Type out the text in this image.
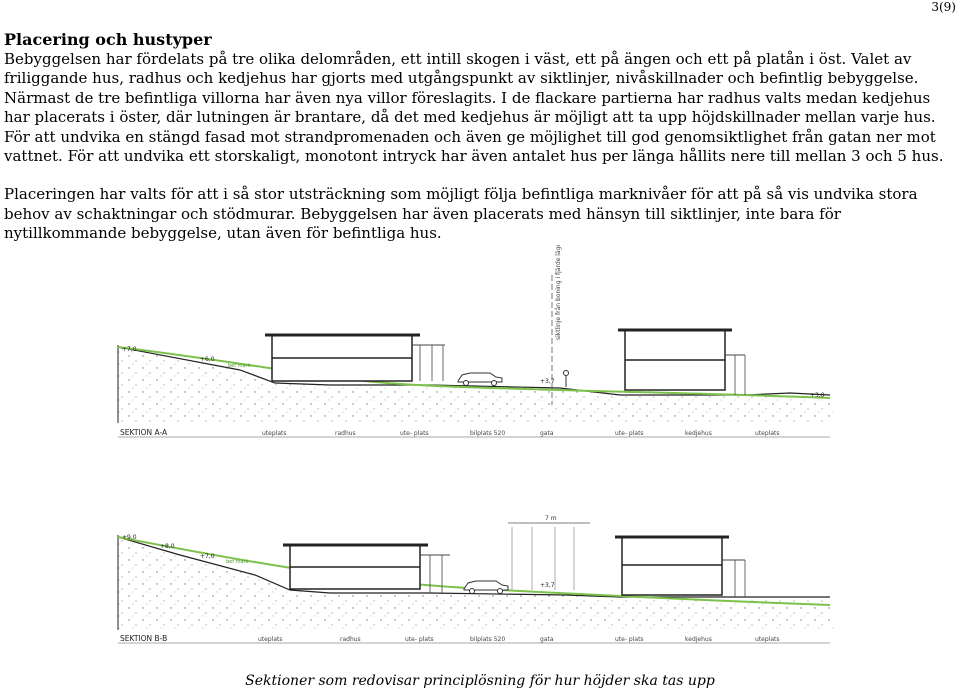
3(9)
Placering och hustyper

Bebyggelsen har fördelats på tre olika delområden, ett intill skogen i väst, ett på ängen och ett på platån i öst. Valet av friliggande hus, radhus och kedjehus har gjorts med utgångspunkt av siktlinjer, nivåskillnader och befintlig bebyggelse. Närmast de tre befintliga villorna har även nya villor föreslagits. I de flackare partierna har radhus valts medan kedjehus har placerats i öster, där lutningen är brantare, då det med kedjehus är möjligt att ta upp höjdskillnader mellan varje hus. För att undvika en stängd fasad mot strandpromenaden och även ge möjlighet till god genomsiktlighet från gatan ner mot vattnet. För att undvika ett storskaligt, monotont intryck har även antalet hus per länga hållits nere till mellan 3 och 5 hus.

Placeringen har valts för att i så stor utsträckning som möjligt följa befintliga marknivåer för att på så vis undvika stora behov av schaktningar och stödmurar. Bebyggelsen har även placerats med hänsyn till siktlinjer, inte bara för nytillkommande bebyggelse, utan även för befintliga hus.

siktlinje från boning i fjärde läge
+7,0
+6,0
+3,7
+3,0
bef mark
SEKTION A-A	uteplats	radhus	ute- plats	bilplats 520	gata	ute- plats	kedjehus	uteplats
7 m
+9,0
+8,0
+7,0
+3,7
bef mark
SEKTION B-B	uteplats	radhus	ute- plats	bilplats 520	gata	ute- plats	kedjehus	uteplats
Sektioner som redovisar principlösning för hur höjder ska tas upp
